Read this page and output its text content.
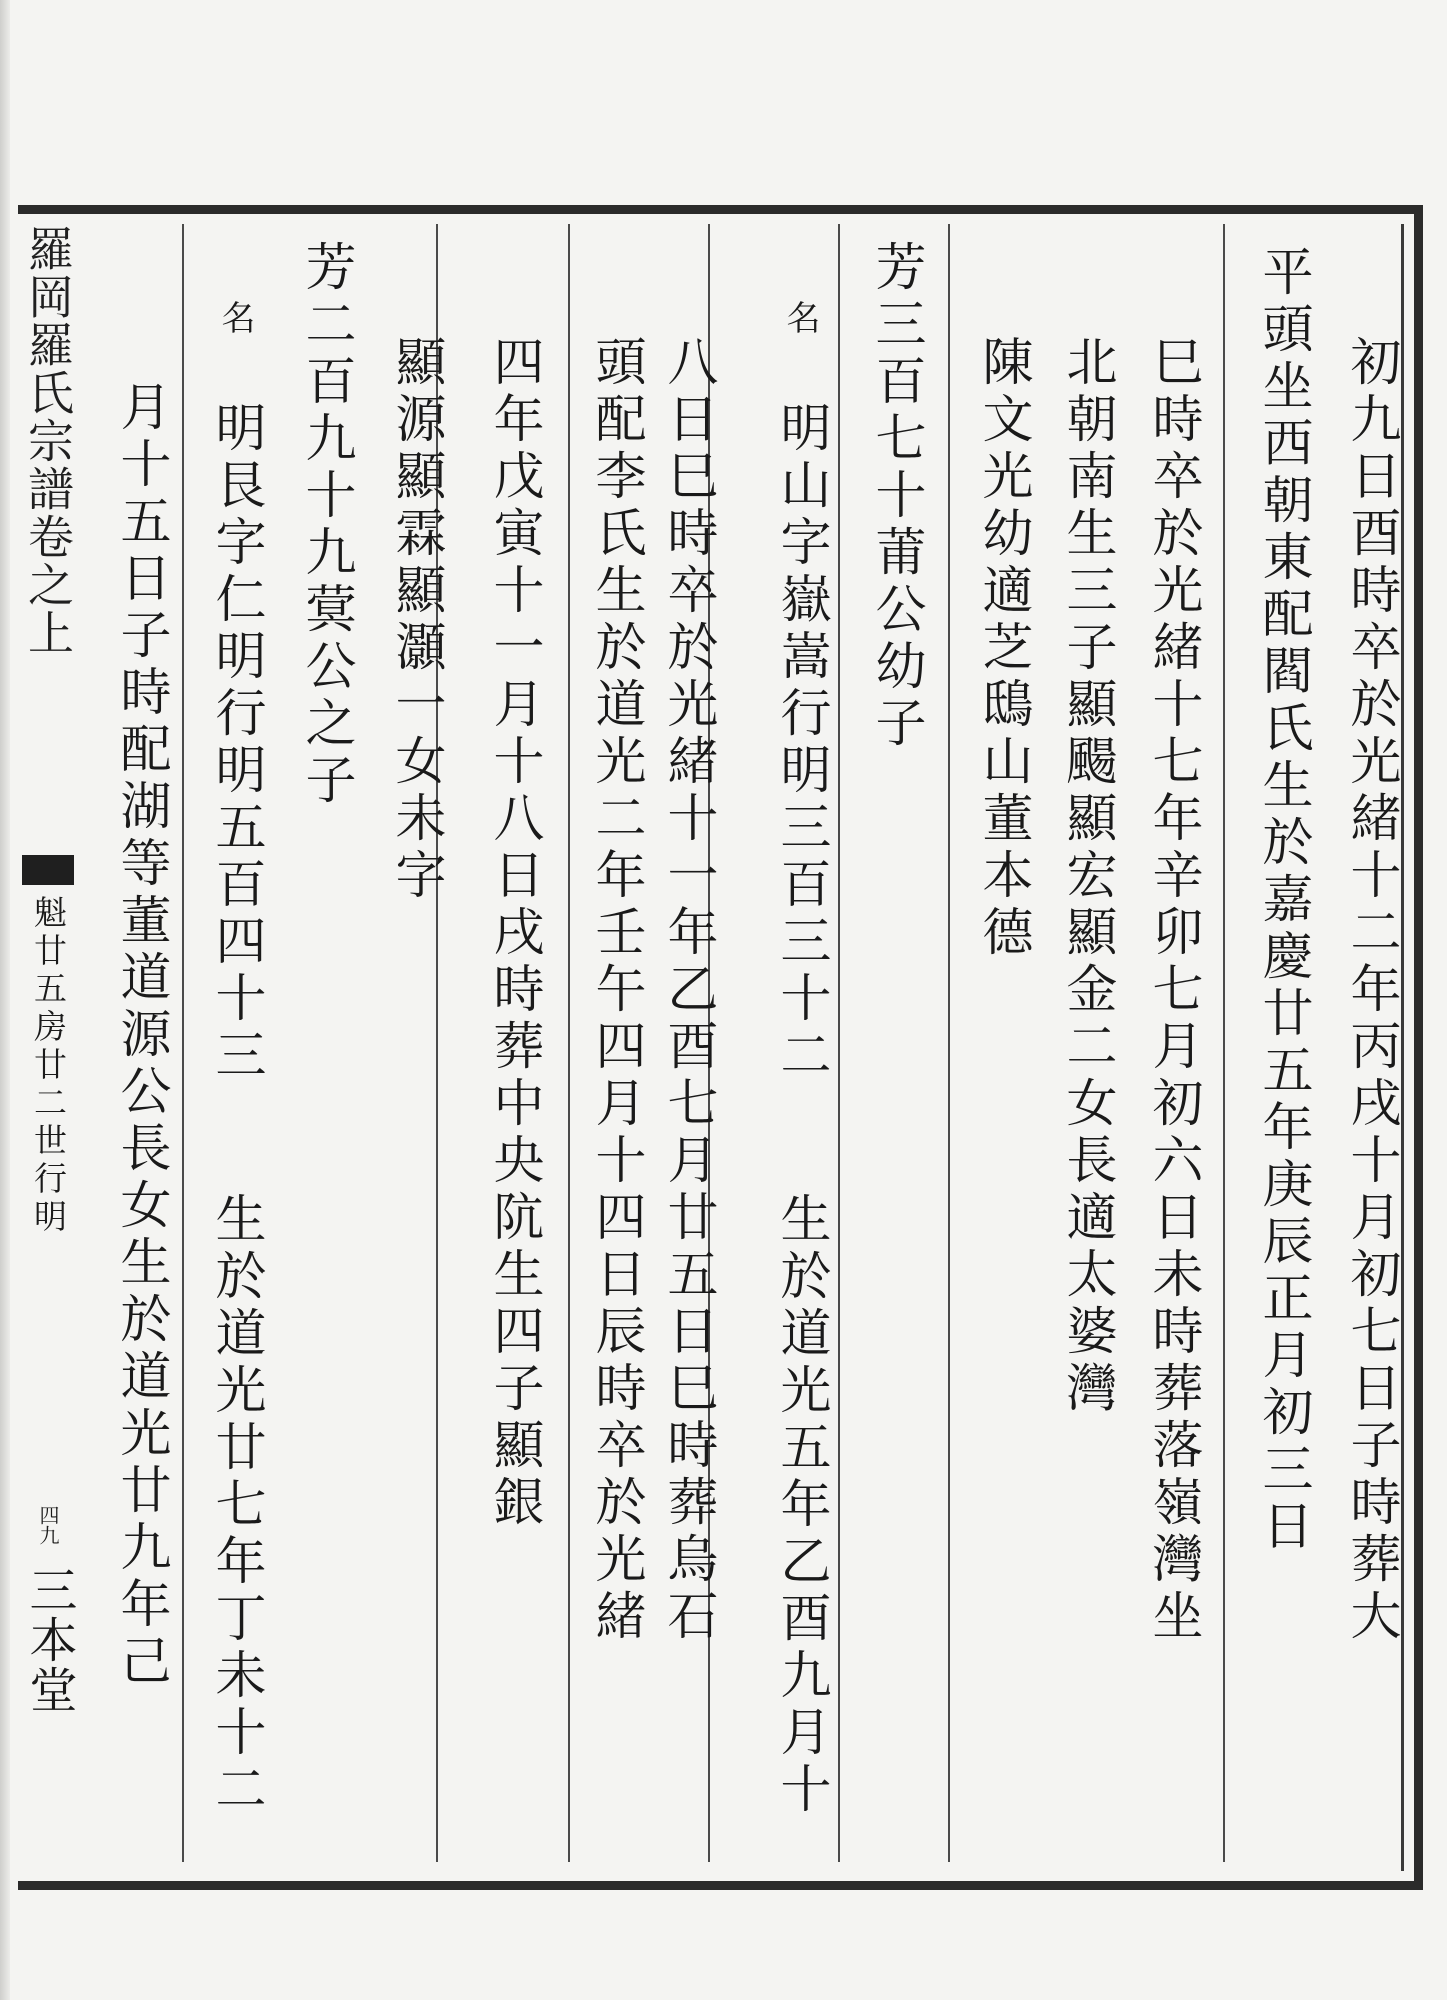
初九日酉時卒於光緒十二年丙戌十月初七日子時葬大
平頭坐西朝東配閻氏生於嘉慶廿五年庚辰正月初三日
巳時卒於光緒十七年辛卯七月初六日未時葬落嶺灣坐
北朝南生三子顯颺顯宏顯金二女長適太婆灣
陳文光幼適芝鴟山董本德
芳三百七十莆公幼子
名 明山字嶽嵩行明三百三十二 生於道光五年乙酉九月十
八日巳時卒於光緒十一年乙酉七月廿五日巳時葬烏石
頭配李氏生於道光二年壬午四月十四日辰時卒於光緒
四年戊寅十一月十八日戌時葬中央阬生四子顯銀
顯源顯霖顯灝一女未字
芳二百九十九蓂公之子
名 明艮字仁明行明五百四十三 生於道光廿七年丁未十二
月十五日子時配湖等董道源公長女生於道光廿九年己
羅岡羅氏宗譜卷之上
魁廿五房廿二世行明
四九
三本堂
